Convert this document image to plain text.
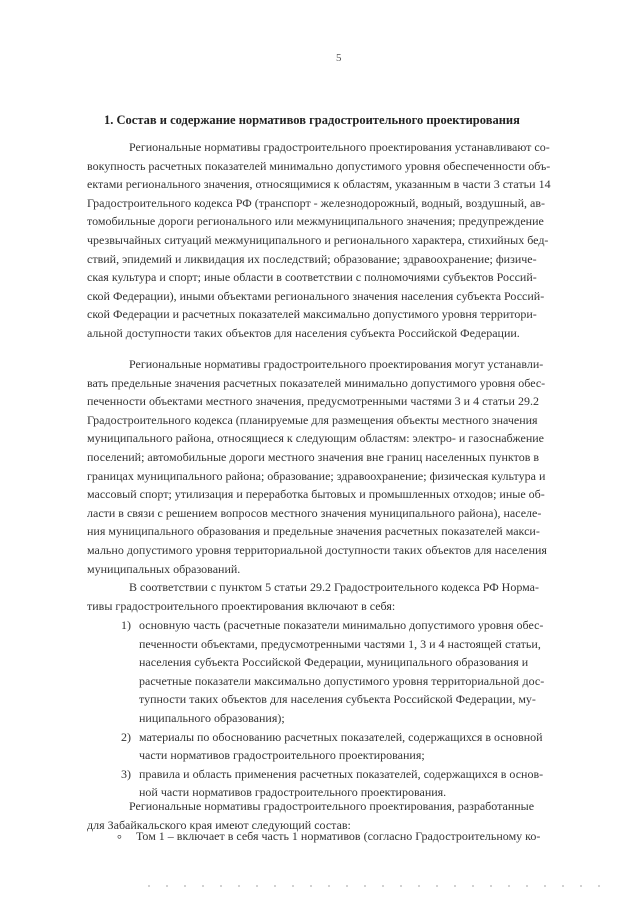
5
1. Состав и содержание нормативов градостроительного проектирования
Региональные нормативы градостроительного проектирования устанавливают со-
вокупность расчетных показателей минимально допустимого уровня обеспеченности объ-
ектами регионального значения, относящимися к областям, указанным в части 3 статьи 14
Градостроительного кодекса РФ (транспорт - железнодорожный, водный, воздушный, ав-
томобильные дороги регионального или межмуниципального значения; предупреждение
чрезвычайных ситуаций межмуниципального и регионального характера, стихийных бед-
ствий, эпидемий и ликвидация их последствий; образование; здравоохранение; физиче-
ская культура и спорт; иные области в соответствии с полномочиями субъектов Россий-
ской Федерации), иными объектами регионального значения населения субъекта Россий-
ской Федерации и расчетных показателей максимально допустимого уровня территори-
альной доступности таких объектов для населения субъекта Российской Федерации.
Региональные нормативы градостроительного проектирования могут устанавли-
вать предельные значения расчетных показателей минимально допустимого уровня обес-
печенности объектами местного значения, предусмотренными частями 3 и 4 статьи 29.2
Градостроительного кодекса (планируемые для размещения объекты местного значения
муниципального района, относящиеся к следующим областям: электро- и газоснабжение
поселений; автомобильные дороги местного значения вне границ населенных пунктов в
границах муниципального района; образование; здравоохранение; физическая культура и
массовый спорт; утилизация и переработка бытовых и промышленных отходов; иные об-
ласти в связи с решением вопросов местного значения муниципального района), населе-
ния муниципального образования и предельные значения расчетных показателей макси-
мально допустимого уровня территориальной доступности таких объектов для населения
муниципальных образований.
В соответствии с пунктом 5 статьи 29.2 Градостроительного кодекса РФ Норма-
тивы градостроительного проектирования включают в себя:
1) основную часть (расчетные показатели минимально допустимого уровня обес-
печенности объектами, предусмотренными частями 1, 3 и 4 настоящей статьи,
населения субъекта Российской Федерации, муниципального образования и
расчетные показатели максимально допустимого уровня территориальной дос-
тупности таких объектов для населения субъекта Российской Федерации, му-
ниципального образования);
2) материалы по обоснованию расчетных показателей, содержащихся в основной
части нормативов градостроительного проектирования;
3) правила и область применения расчетных показателей, содержащихся в основ-
ной части нормативов градостроительного проектирования.
Региональные нормативы градостроительного проектирования, разработанные
для Забайкальского края имеют следующий состав:
° Том 1 – включает в себя часть 1 нормативов (согласно Градостроительному ко-
